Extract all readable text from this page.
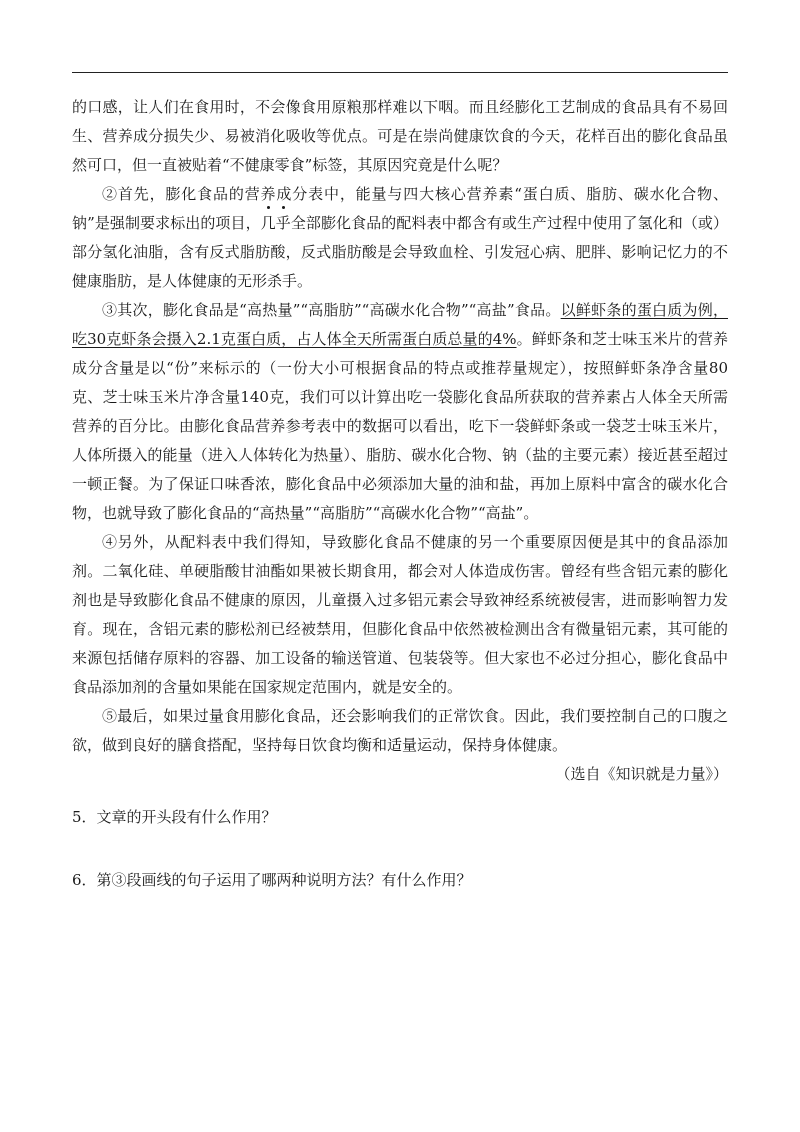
的口感，让人们在食用时，不会像食用原粮那样难以下咽。而且经膨化工艺制成的食品具有不易回生、营养成分损失少、易被消化吸收等优点。可是在崇尚健康饮食的今天，花样百出的膨化食品虽然可口，但一直被贴着“不健康零食”标签，其原因究竟是什么呢？

②首先，膨化食品的营养成分表中，能量与四大核心营养素“蛋白质、脂肪、碳水化合物、钠”是强制要求标出的项目，几乎全部膨化食品的配料表中都含有或生产过程中使用了氢化和（或）部分氢化油脂，含有反式脂肪酸，反式脂肪酸是会导致血栓、引发冠心病、肥胖、影响记忆力的不健康脂肪，是人体健康的无形杀手。

③其次，膨化食品是“高热量”“高脂肪”“高碳水化合物”“高盐”食品。以鲜虾条的蛋白质为例，吃30克虾条会摄入2.1克蛋白质，占人体全天所需蛋白质总量的4%。鲜虾条和芝士味玉米片的营养成分含量是以“份”来标示的（一份大小可根据食品的特点或推荐量规定），按照鲜虾条净含量80克、芝士味玉米片净含量140克，我们可以计算出吃一袋膨化食品所获取的营养素占人体全天所需营养的百分比。由膨化食品营养参考表中的数据可以看出，吃下一袋鲜虾条或一袋芝士味玉米片，人体所摄入的能量（进入人体转化为热量）、脂肪、碳水化合物、钠（盐的主要元素）接近甚至超过一顿正餐。为了保证口味香浓，膨化食品中必须添加大量的油和盐，再加上原料中富含的碳水化合物，也就导致了膨化食品的“高热量”“高脂肪”“高碳水化合物”“高盐”。

④另外，从配料表中我们得知，导致膨化食品不健康的另一个重要原因便是其中的食品添加剂。二氧化硅、单硬脂酸甘油酯如果被长期食用，都会对人体造成伤害。曾经有些含铝元素的膨化剂也是导致膨化食品不健康的原因，儿童摄入过多铝元素会导致神经系统被侵害，进而影响智力发育。现在，含铝元素的膨松剂已经被禁用，但膨化食品中依然被检测出含有微量铝元素，其可能的来源包括储存原料的容器、加工设备的输送管道、包装袋等。但大家也不必过分担心，膨化食品中食品添加剂的含量如果能在国家规定范围内，就是安全的。

⑤最后，如果过量食用膨化食品，还会影响我们的正常饮食。因此，我们要控制自己的口腹之欲，做到良好的膳食搭配，坚持每日饮食均衡和适量运动，保持身体健康。

（选自《知识就是力量》）

5．文章的开头段有什么作用？

6．第③段画线的句子运用了哪两种说明方法？有什么作用？
